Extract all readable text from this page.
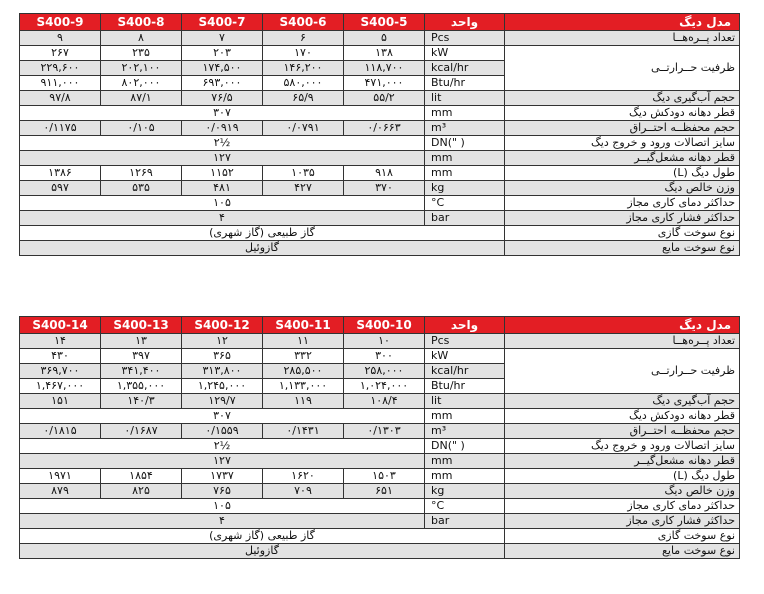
S400-9	S400-8	S400-7	S400-6	S400-5	واحد	مدل دیگ
۹	۸	۷	۶	۵	Pcs	تعداد پــره‌هــا
۲۶۷	۲۳۵	۲۰۳	۱۷۰	۱۳۸	kW	ظرفیت حــرارتــی
۲۲۹,۶۰۰	۲۰۲,۱۰۰	۱۷۴,۵۰۰	۱۴۶,۲۰۰	۱۱۸,۷۰۰	kcal/hr	
۹۱۱,۰۰۰	۸۰۲,۰۰۰	۶۹۳,۰۰۰	۵۸۰,۰۰۰	۴۷۱,۰۰۰	Btu/hr	
۹۷/۸	۸۷/۱	۷۶/۵	۶۵/۹	۵۵/۲	lit	حجم آب‌گیری دیگ
۳۰۷					mm	قطر دهانه دودکش دیگ
۰/۱۱۷۵	۰/۱۰۵	۰/۰۹۱۹	۰/۰۷۹۱	۰/۰۶۶۳	m³	حجم محفظــه احتــراق
۲½					DN(" )	سایز اتصالات ورود و خروج دیگ
۱۲۷					mm	قطر دهانه مشعل‌گیــر
۱۳۸۶	۱۲۶۹	۱۱۵۲	۱۰۳۵	۹۱۸	mm	طول دیگ (L)
۵۹۷	۵۳۵	۴۸۱	۴۲۷	۳۷۰	kg	وزن خالص دیگ
۱۰۵					°C	حداکثر دمای کاری مجاز
۴					bar	حداکثر فشار کاری مجاز
گاز طبیعی (گاز شهری)						نوع سوخت گازی
گازوئیل						نوع سوخت مایع
S400-14	S400-13	S400-12	S400-11	S400-10	واحد	مدل دیگ
۱۴	۱۳	۱۲	۱۱	۱۰	Pcs	تعداد پــره‌هــا
۴۳۰	۳۹۷	۳۶۵	۳۳۲	۳۰۰	kW	ظرفیت حــرارتــی
۳۶۹,۷۰۰	۳۴۱,۴۰۰	۳۱۳,۸۰۰	۲۸۵,۵۰۰	۲۵۸,۰۰۰	kcal/hr	
۱,۴۶۷,۰۰۰	۱,۳۵۵,۰۰۰	۱,۲۴۵,۰۰۰	۱,۱۳۳,۰۰۰	۱,۰۲۴,۰۰۰	Btu/hr	
۱۵۱	۱۴۰/۳	۱۲۹/۷	۱۱۹	۱۰۸/۴	lit	حجم آب‌گیری دیگ
۳۰۷					mm	قطر دهانه دودکش دیگ
۰/۱۸۱۵	۰/۱۶۸۷	۰/۱۵۵۹	۰/۱۴۳۱	۰/۱۳۰۳	m³	حجم محفظــه احتــراق
۲½					DN(" )	سایز اتصالات ورود و خروج دیگ
۱۲۷					mm	قطر دهانه مشعل‌گیــر
۱۹۷۱	۱۸۵۴	۱۷۳۷	۱۶۲۰	۱۵۰۳	mm	طول دیگ (L)
۸۷۹	۸۲۵	۷۶۵	۷۰۹	۶۵۱	kg	وزن خالص دیگ
۱۰۵					°C	حداکثر دمای کاری مجاز
۴					bar	حداکثر فشار کاری مجاز
گاز طبیعی (گاز شهری)						نوع سوخت گازی
گازوئیل						نوع سوخت مایع
